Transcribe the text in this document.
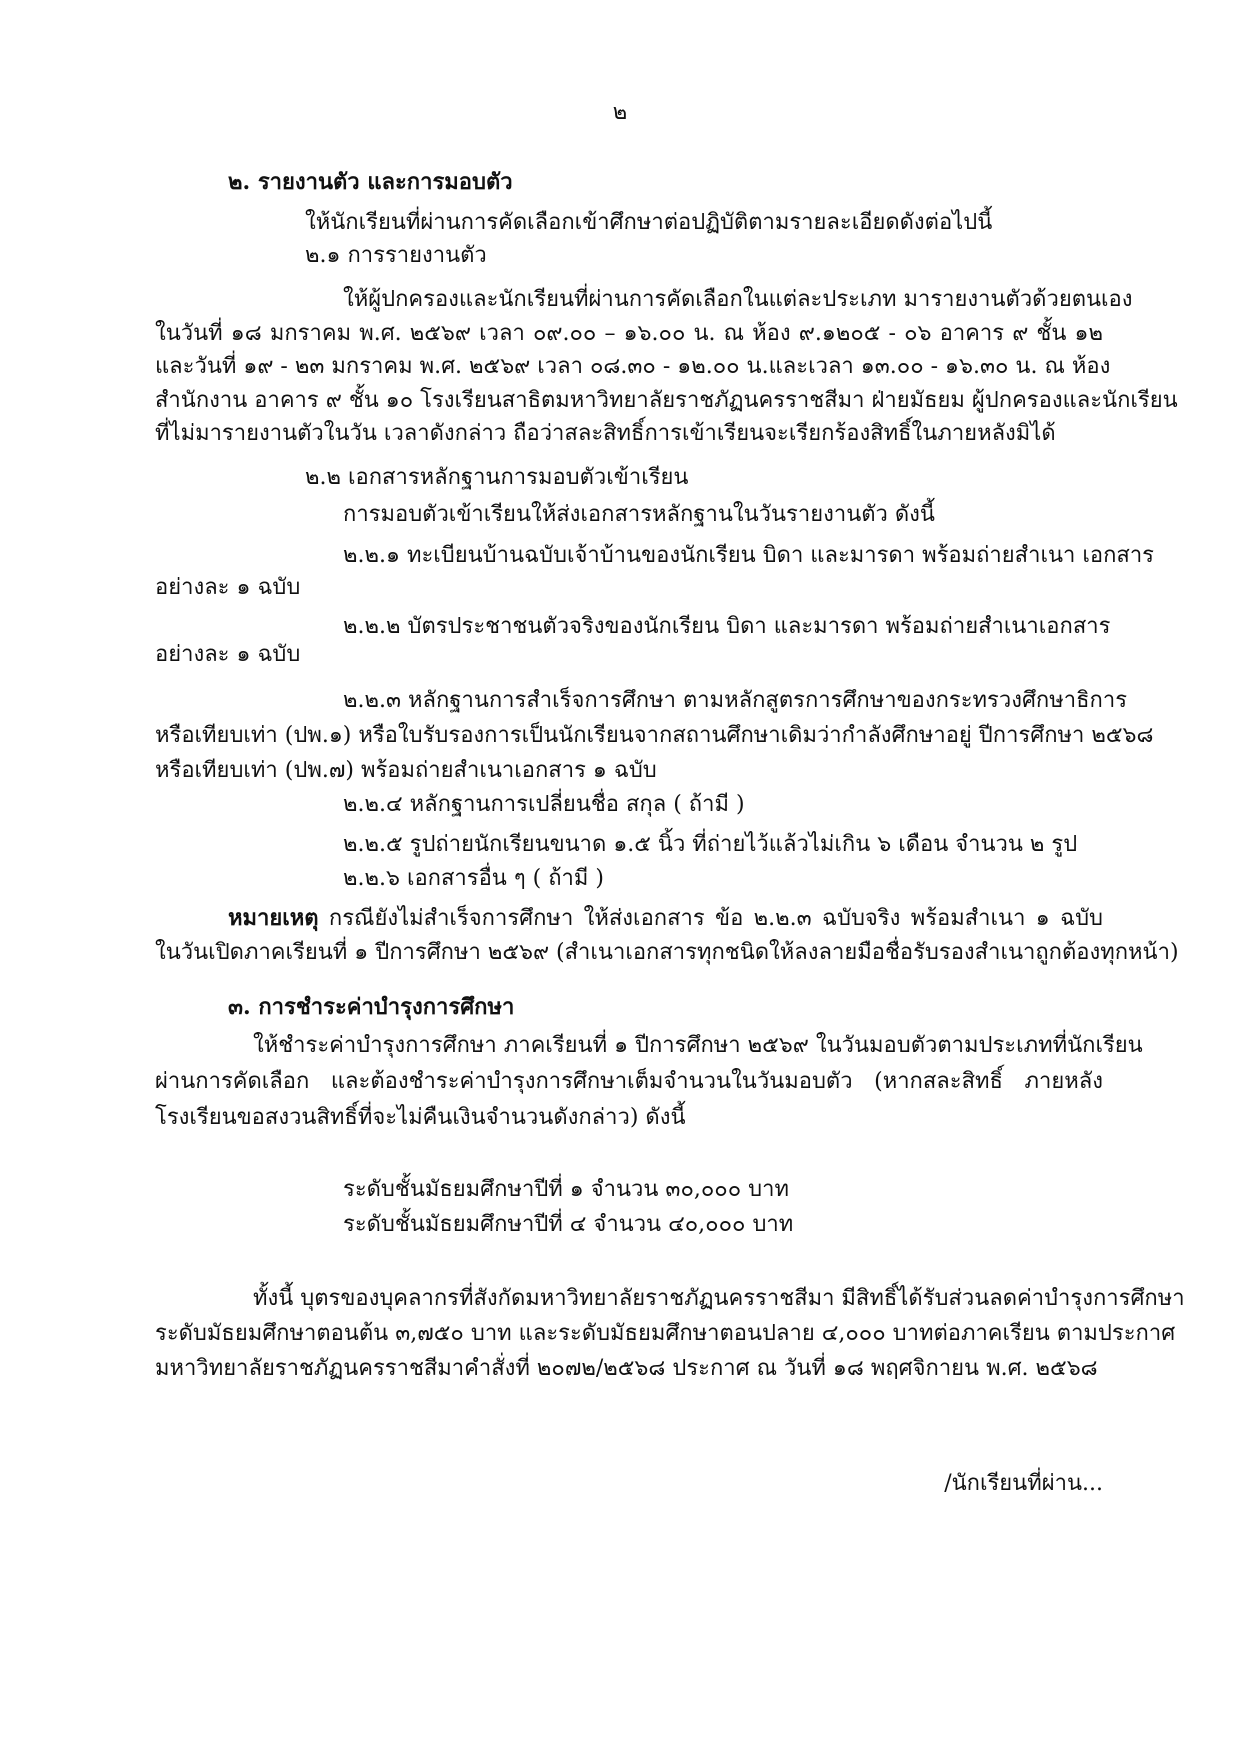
๒
๒. รายงานตัว และการมอบตัว
ให้นักเรียนที่ผ่านการคัดเลือกเข้าศึกษาต่อปฏิบัติตามรายละเอียดดังต่อไปนี้
๒.๑ การรายงานตัว
ให้ผู้ปกครองและนักเรียนที่ผ่านการคัดเลือกในแต่ละประเภท มารายงานตัวด้วยตนเอง
ในวันที่ ๑๘ มกราคม พ.ศ. ๒๕๖๙ เวลา ๐๙.๐๐ – ๑๖.๐๐ น. ณ ห้อง ๙.๑๒๐๕ - ๐๖ อาคาร ๙ ชั้น ๑๒
และวันที่ ๑๙ - ๒๓ มกราคม พ.ศ. ๒๕๖๙ เวลา ๐๘.๓๐ - ๑๒.๐๐ น.และเวลา ๑๓.๐๐ - ๑๖.๓๐ น. ณ ห้อง
สำนักงาน อาคาร ๙ ชั้น ๑๐ โรงเรียนสาธิตมหาวิทยาลัยราชภัฏนครราชสีมา ฝ่ายมัธยม ผู้ปกครองและนักเรียน
ที่ไม่มารายงานตัวในวัน เวลาดังกล่าว ถือว่าสละสิทธิ์การเข้าเรียนจะเรียกร้องสิทธิ์ในภายหลังมิได้
๒.๒ เอกสารหลักฐานการมอบตัวเข้าเรียน
การมอบตัวเข้าเรียนให้ส่งเอกสารหลักฐานในวันรายงานตัว ดังนี้
๒.๒.๑ ทะเบียนบ้านฉบับเจ้าบ้านของนักเรียน บิดา และมารดา พร้อมถ่ายสำเนา เอกสาร
อย่างละ ๑ ฉบับ
๒.๒.๒ บัตรประชาชนตัวจริงของนักเรียน บิดา และมารดา พร้อมถ่ายสำเนาเอกสาร
อย่างละ ๑ ฉบับ
๒.๒.๓ หลักฐานการสำเร็จการศึกษา ตามหลักสูตรการศึกษาของกระทรวงศึกษาธิการ
หรือเทียบเท่า (ปพ.๑) หรือใบรับรองการเป็นนักเรียนจากสถานศึกษาเดิมว่ากำลังศึกษาอยู่ ปีการศึกษา ๒๕๖๘
หรือเทียบเท่า (ปพ.๗) พร้อมถ่ายสำเนาเอกสาร ๑ ฉบับ
๒.๒.๔ หลักฐานการเปลี่ยนชื่อ สกุล ( ถ้ามี )
๒.๒.๕ รูปถ่ายนักเรียนขนาด ๑.๕ นิ้ว ที่ถ่ายไว้แล้วไม่เกิน ๖ เดือน จำนวน ๒ รูป
๒.๒.๖ เอกสารอื่น ๆ ( ถ้ามี )
หมายเหตุ กรณียังไม่สำเร็จการศึกษา ให้ส่งเอกสาร ข้อ ๒.๒.๓ ฉบับจริง พร้อมสำเนา ๑ ฉบับ
ในวันเปิดภาคเรียนที่ ๑ ปีการศึกษา ๒๕๖๙ (สำเนาเอกสารทุกชนิดให้ลงลายมือชื่อรับรองสำเนาถูกต้องทุกหน้า)
๓. การชำระค่าบำรุงการศึกษา
ให้ชำระค่าบำรุงการศึกษา ภาคเรียนที่ ๑ ปีการศึกษา ๒๕๖๙ ในวันมอบตัวตามประเภทที่นักเรียน
ผ่านการคัดเลือก และต้องชำระค่าบำรุงการศึกษาเต็มจำนวนในวันมอบตัว (หากสละสิทธิ์ ภายหลัง
โรงเรียนขอสงวนสิทธิ์ที่จะไม่คืนเงินจำนวนดังกล่าว) ดังนี้
ระดับชั้นมัธยมศึกษาปีที่ ๑ จำนวน ๓๐,๐๐๐ บาท
ระดับชั้นมัธยมศึกษาปีที่ ๔ จำนวน ๔๐,๐๐๐ บาท
ทั้งนี้ บุตรของบุคลากรที่สังกัดมหาวิทยาลัยราชภัฏนครราชสีมา มีสิทธิ์ได้รับส่วนลดค่าบำรุงการศึกษา
ระดับมัธยมศึกษาตอนต้น ๓,๗๕๐ บาท และระดับมัธยมศึกษาตอนปลาย ๔,๐๐๐ บาทต่อภาคเรียน ตามประกาศ
มหาวิทยาลัยราชภัฏนครราชสีมาคำสั่งที่ ๒๐๗๒/๒๕๖๘ ประกาศ ณ วันที่ ๑๘ พฤศจิกายน พ.ศ. ๒๕๖๘
/นักเรียนที่ผ่าน...
